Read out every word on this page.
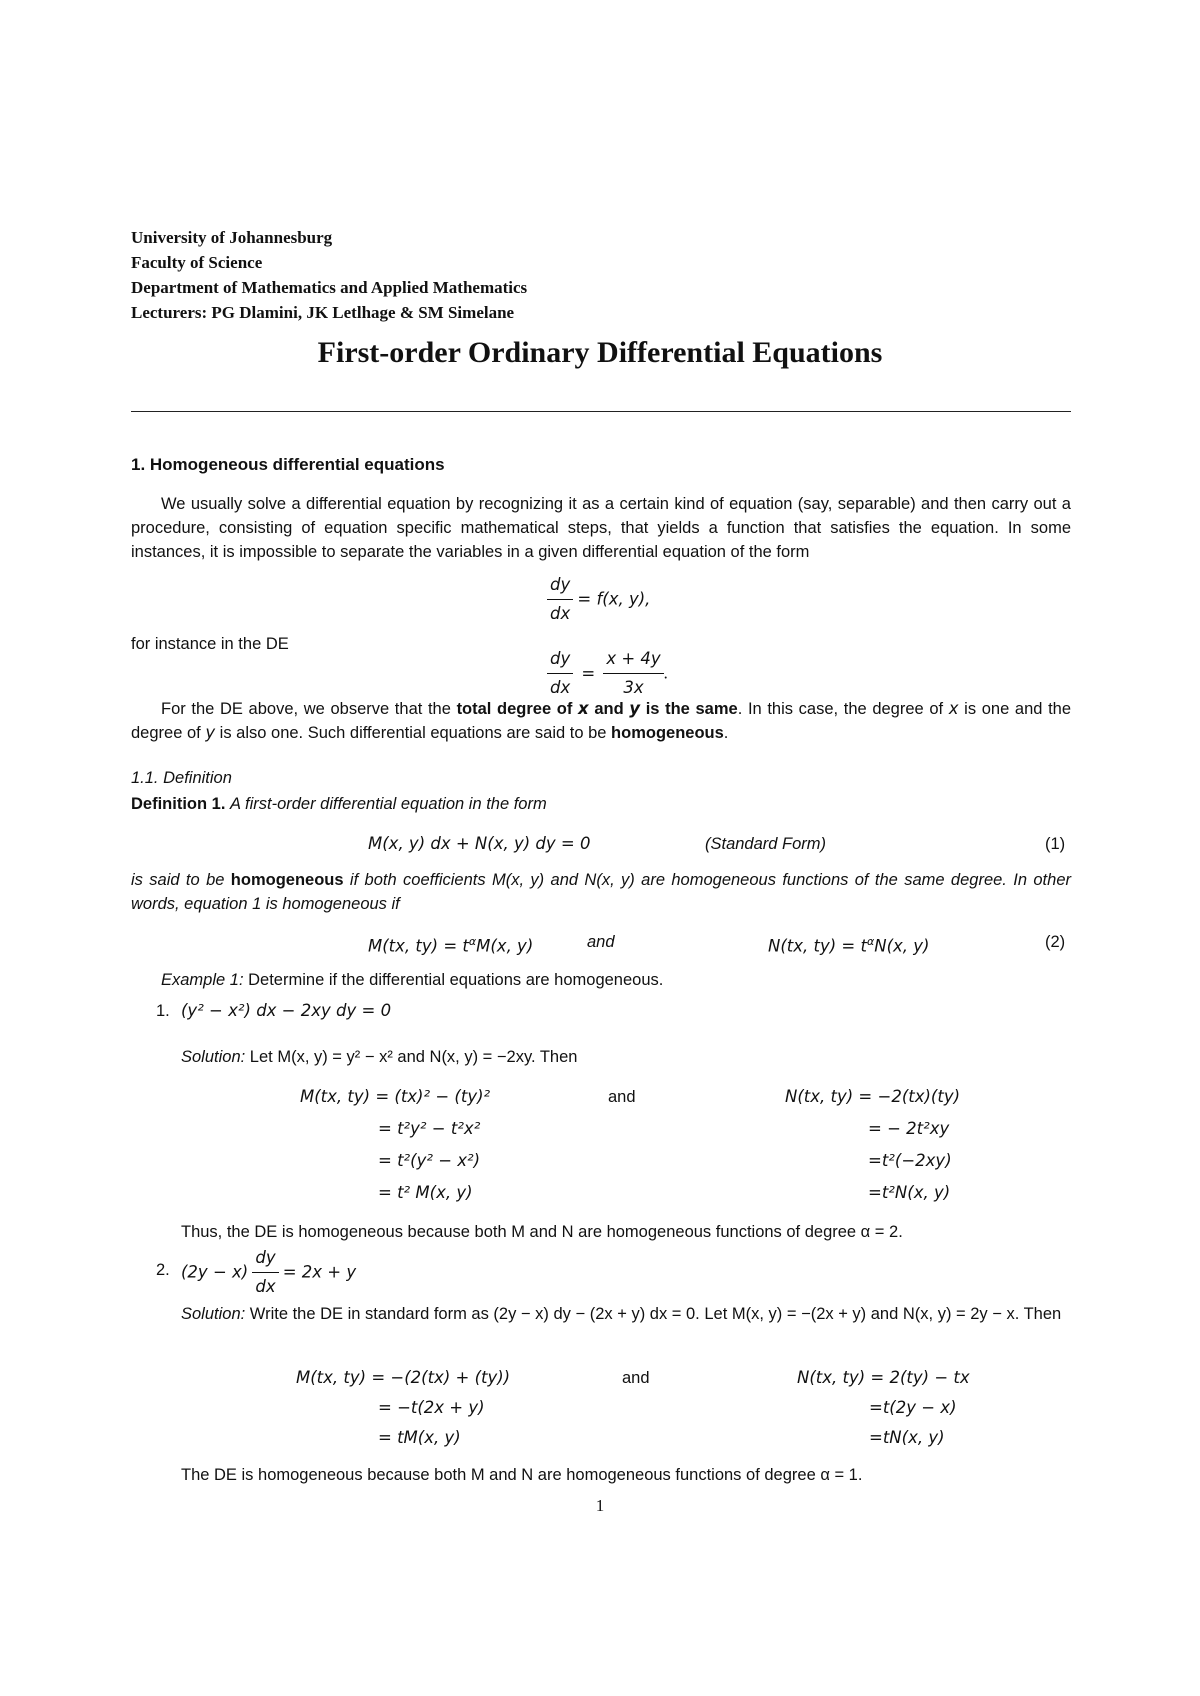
University of Johannesburg
Faculty of Science
Department of Mathematics and Applied Mathematics
Lecturers: PG Dlamini, JK Letlhage & SM Simelane
First-order Ordinary Differential Equations
1. Homogeneous differential equations
We usually solve a differential equation by recognizing it as a certain kind of equation (say, separable) and then carry out a procedure, consisting of equation specific mathematical steps, that yields a function that satisfies the equation. In some instances, it is impossible to separate the variables in a given differential equation of the form
$\frac{dy}{dx} = f(x$, y),
for instance in the DE
$\frac{dy}{dx} = \frac{x + 4y}{3x}$ .
For the DE above, we observe that the total degree of x and y is the same. In this case, the degree of x is one and the degree of y is also one. Such differential equations are said to be homogeneous.
1.1. Definition
Definition 1. A first-order differential equation in the form
M(x, y) dx + N(x, y) dy = 0	(Standard Form)	(1)
is said to be homogeneous if both coefficients M(x, y) and N(x, y) are homogeneous functions of the same degree. In other words, equation 1 is homogeneous if
M(tx, $ty) = t^\alpha M(x$, y)	and	N(tx, $ty) = t^\alpha N(x$, y)	(2)
Example 1: Determine if the differential equations are homogeneous.
1. (y² − x²) dx − 2xy dy = 0
Solution: Let M(x, y) = y² − x² and N(x, y) = −2xy. Then
M(tx, ty) = (tx)² − (ty)²
= t²y² − t²x²
= t²(y² − x²)
= t² M(x, y)
and	N(tx, ty) = −2(tx)(ty)
= − 2t²xy
=t²(−2xy)
=t²N(x, y)
Thus, the DE is homogeneous because both M and N are homogeneous functions of degree α = 2.
2. $(2y - x) \frac{dy}{dx} = 2x + y$
Solution: Write the DE in standard form as (2y − x) dy − (2x + y) dx = 0. Let M(x, y) = −(2x + y) and N(x, y) = 2y − x. Then
M(tx, ty) = −(2(tx) + (ty))
= −t(2x + y)
= tM(x, y)
and	N(tx, ty) = 2(ty) − tx
=t(2y − x)
=tN(x, y)
The DE is homogeneous because both M and N are homogeneous functions of degree α = 1.
1
